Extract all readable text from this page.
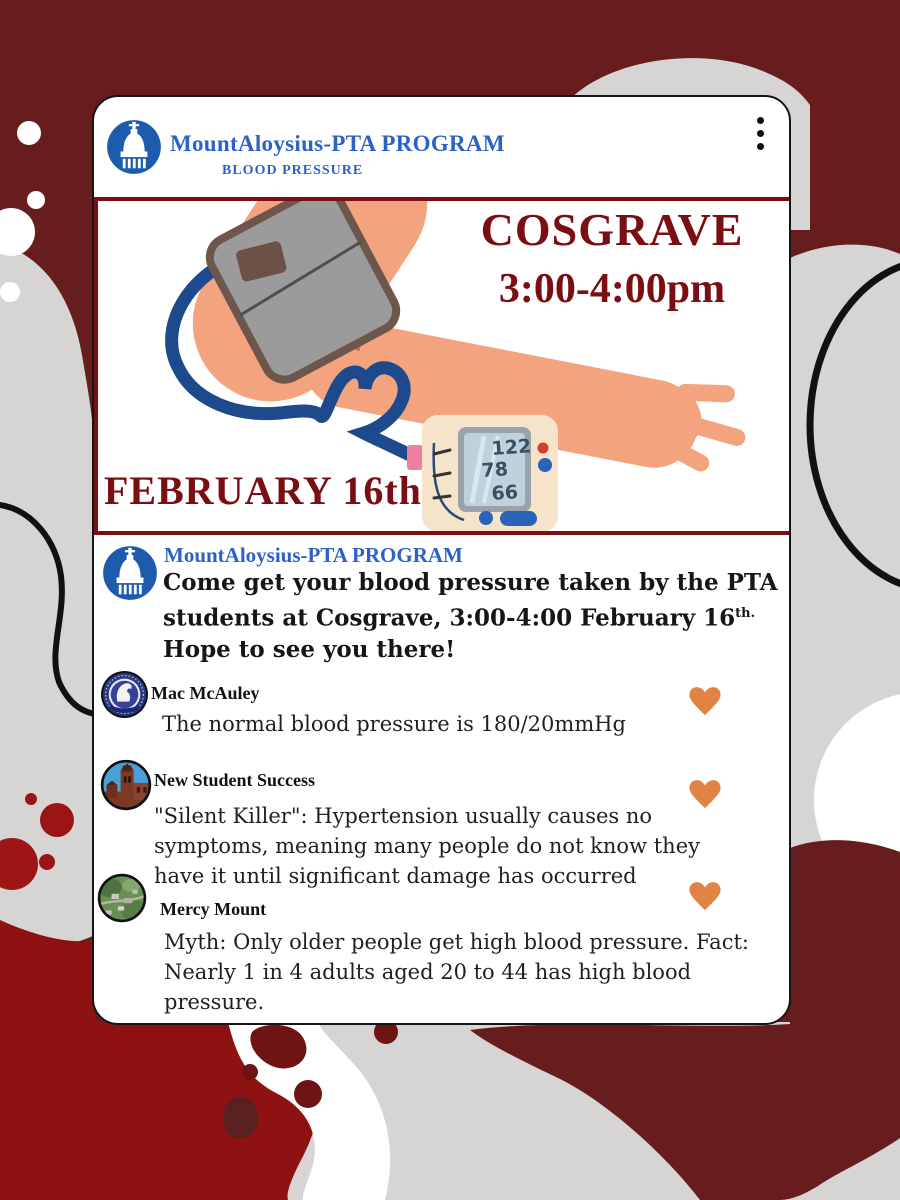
MountAloysius-PTA PROGRAM
BLOOD PRESSURE
122
78
66
COSGRAVE
3:00-4:00pm
FEBRUARY 16th
MountAloysius-PTA PROGRAM
Come get your blood pressure taken by the PTA students at Cosgrave, 3:00-4:00 February $16^{th.}$ Hope to see you there!
Mac McAuley
The normal blood pressure is 180/20mmHg
New Student Success
"Silent Killer": Hypertension usually causes no symptoms, meaning many people do not know they have it until significant damage has occurred
Mercy Mount
Myth: Only older people get high blood pressure. Fact: Nearly 1 in 4 adults aged 20 to 44 has high blood pressure.
